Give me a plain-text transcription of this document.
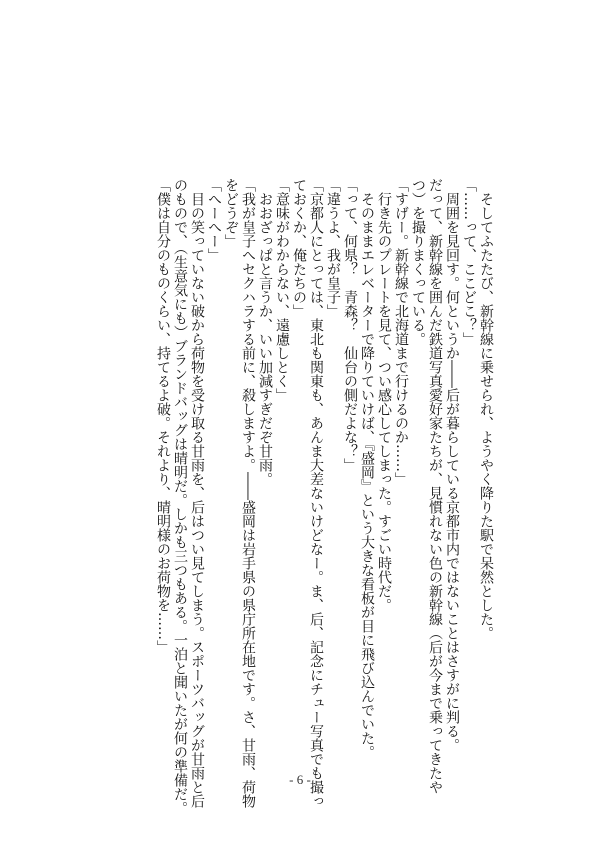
　そしてふたたび、新幹線に乗せられ、ようやく降りた駅で呆然とした。

「……って、ここどこ？」

　周囲を見回す。何というか――后が暮らしている京都市内ではないことはさすがに判る。

だって、新幹線を囲んだ鉄道写真愛好家たちが、見慣れない色の新幹線（后が今まで乗ってきたや

つ）を撮りまくっている。

「すげー。新幹線で北海道まで行けるのか……」

　行き先のプレートを見て、つい感心してしまった。すごい時代だ。

　そのままエレベーターで降りていけば、『盛岡』という大きな看板が目に飛び込んでいた。

「って、何県？　青森？　仙台の側だよな？」

「違うよ、我が皇子」

「京都人にとっては、東北も関東も、あんま大差ないけどなー。ま、后、記念にチュー写真でも撮っ

ておくか、俺たちの」

「意味がわからない、遠慮しとく」

　おおざっぱと言うか、いい加減すぎだぞ甘雨。

「我が皇子へセクハラする前に、殺しますよ。――盛岡は岩手県の県庁所在地です。さ、甘雨、荷物

をどうぞ」

「へーへー」

　目の笑っていない破から荷物を受け取る甘雨を、后はつい見てしまう。スポーツバッグが甘雨と后

のもので、（生意気にも）ブランドバッグは晴明だ。しかも三つもある。一泊と聞いたが何の準備だ。

「僕は自分のものくらい、持てるよ破。それより、晴明様のお荷物を……」

- 6 -
